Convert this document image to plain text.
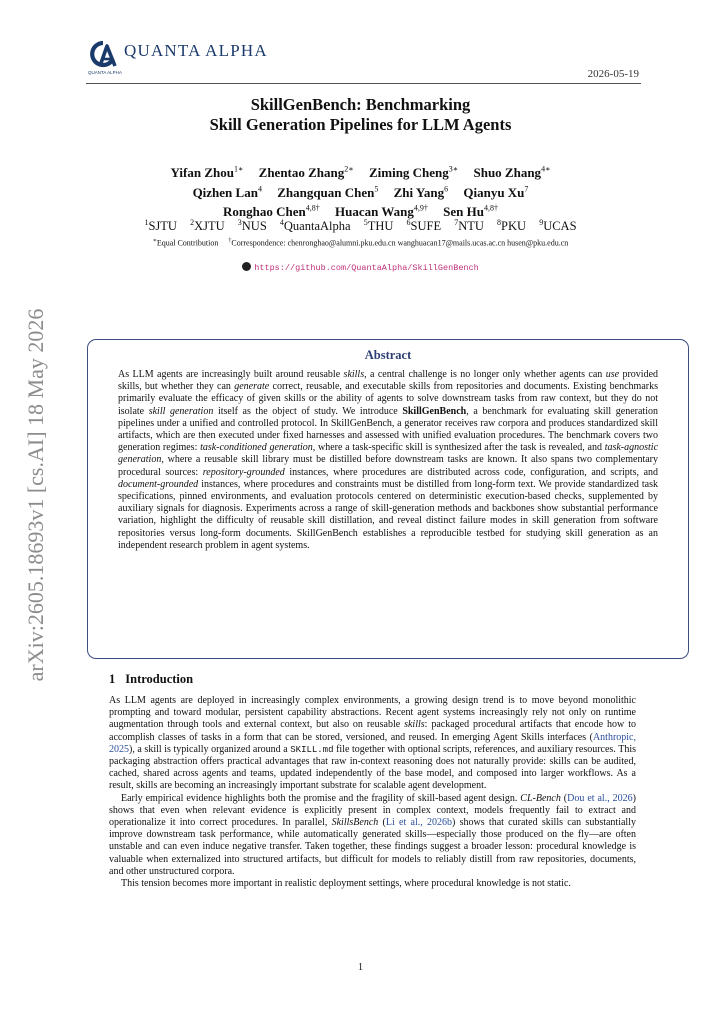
QUANTA ALPHA
QUANTA ALPHA	2026-05-19
SkillGenBench: Benchmarking
Skill Generation Pipelines for LLM Agents
Yifan Zhou$^{1∗}$ Zhentao Zhang$^{2∗}$ Ziming Cheng$^{3∗}$ Shuo Zhang$^{4∗}$
Qizhen Lan$^4$ Zhangquan Chen$^5$ Zhi Yang$^6$ Qianyu Xu$^7$
Ronghao Chen$^{4,8\dagger}$ Huacan Wang$^{4,9\dagger}$ Sen $Hu^{4,8\dagger}$
$^1$SJTU $^2$XJTU $^3$NUS $^4$QuantaAlpha $^5$THU $^6$SUFE $^7$NTU $^8$PKU $^9$UCAS
∗Equal Contribution †Correspondence: chenronghao@alumni.pku.edu.cn wanghuacan17@mails.ucas.ac.cn husen@pku.edu.cn
https://github.com/QuantaAlpha/SkillGenBench
arXiv:2605.18693v1 [cs.AI] 18 May 2026	Abstract
As LLM agents are increasingly built around reusable skills, a central challenge is no longer only whether agents can use provided skills, but whether they can generate correct, reusable, and executable skills from repositories and documents. Existing benchmarks primarily evaluate the efficacy of given skills or the ability of agents to solve downstream tasks from raw context, but they do not isolate skill generation itself as the object of study. We introduce SkillGenBench, a benchmark for evaluating skill generation pipelines under a unified and controlled protocol. In SkillGenBench, a generator receives raw corpora and produces standardized skill artifacts, which are then executed under fixed harnesses and assessed with unified evaluation procedures. The benchmark covers two generation regimes: task-conditioned generation, where a task-specific skill is synthesized after the task is revealed, and task-agnostic generation, where a reusable skill library must be distilled before downstream tasks are known. It also spans two complementary procedural sources: repository-grounded instances, where procedures are distributed across code, configuration, and scripts, and document-grounded instances, where procedures and constraints must be distilled from long-form text. We provide standardized task specifications, pinned environments, and evaluation protocols centered on deterministic execution-based checks, supplemented by auxiliary signals for diagnosis. Experiments across a range of skill-generation methods and backbones show substantial performance variation, highlight the difficulty of reusable skill distillation, and reveal distinct failure modes in skill generation from software repositories versus long-form documents. SkillGenBench establishes a reproducible testbed for studying skill generation as an independent research problem in agent systems.
1 Introduction

As LLM agents are deployed in increasingly complex environments, a growing design trend is to move beyond monolithic prompting and toward modular, persistent capability abstractions. Recent agent systems increasingly rely not only on runtime augmentation through tools and external context, but also on reusable skills: packaged procedural artifacts that encode how to accomplish classes of tasks in a form that can be stored, versioned, and reused. In emerging Agent Skills interfaces (Anthropic, 2025), a skill is typically organized around a SKILL.md file together with optional scripts, references, and auxiliary resources. This packaging abstraction offers practical advantages that raw in-context reasoning does not naturally provide: skills can be audited, cached, shared across agents and teams, updated independently of the base model, and composed into larger workflows. As a result, skills are becoming an increasingly important substrate for scalable agent development.

Early empirical evidence highlights both the promise and the fragility of skill-based agent design. CL-Bench (Dou et al., 2026) shows that even when relevant evidence is explicitly present in complex context, models frequently fail to extract and operationalize it into correct procedures. In parallel, SkillsBench (Li et al., 2026b) shows that curated skills can substantially improve downstream task performance, while automatically generated skills—especially those produced on the fly—are often unstable and can even induce negative transfer. Taken together, these findings suggest a broader lesson: procedural knowledge is valuable when externalized into structured artifacts, but difficult for models to reliably distill from raw repositories, documents, and other unstructured corpora.

This tension becomes more important in realistic deployment settings, where procedural knowledge is not static.

1
